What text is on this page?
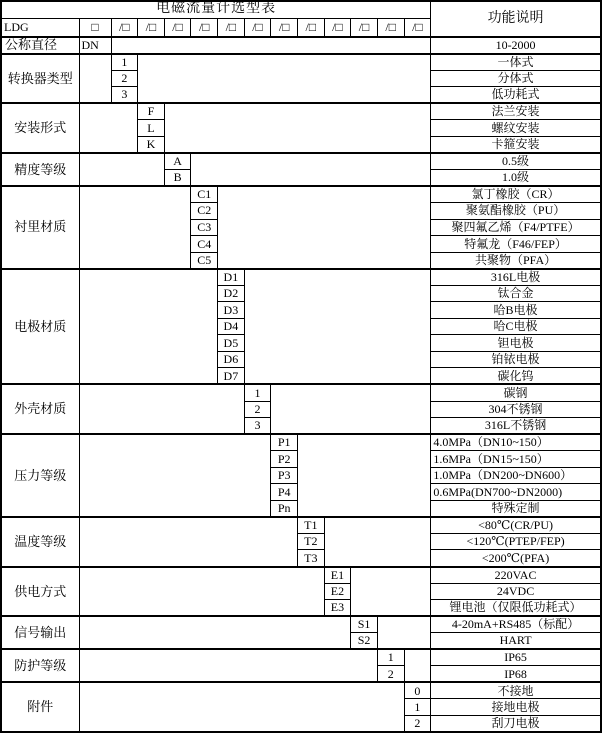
电磁流量计选型表														功能说明
LDG	□	/□	/□	/□	/□	/□	/□	/□	/□	/□	/□	/□	/□	
公称直径	DN													10-2000
转换器类型		1												一体式
		2												分体式
		3												低功耗式
安装形式			F											法兰安装
			L											螺纹安装
			K											卡箍安装
精度等级				A										0.5级
				B										1.0级
衬里材质					C1									氯丁橡胶（CR）
					C2									聚氨酯橡胶（PU）
					C3									聚四氟乙烯（F4/PTFE）
					C4									特氟龙（F46/FEP）
					C5									共聚物（PFA）
电极材质						D1								316L电极
						D2								钛合金
						D3								哈B电极
						D4								哈C电极
						D5								钽电极
						D6								铂铱电极
						D7								碳化钨
外壳材质							1							碳钢
							2							304不锈钢
							3							316L不锈钢
压力等级								P1						4.0MPa（DN10~150）
								P2						1.6MPa（DN15~150）
								P3						1.0MPa（DN200~DN600）
								P4						0.6MPa(DN700~DN2000)
								Pn						特殊定制
温度等级									T1					<80℃(CR/PU)
									T2					<120℃(PTEP/FEP)
									T3					<200℃(PFA)
供电方式										E1				220VAC
										E2				24VDC
										E3				锂电池（仅限低功耗式）
信号输出											S1			4-20mA+RS485（标配）
											S2			HART
防护等级												1		IP65
												2		IP68
附件													0	不接地
													1	接地电极
													2	刮刀电极
